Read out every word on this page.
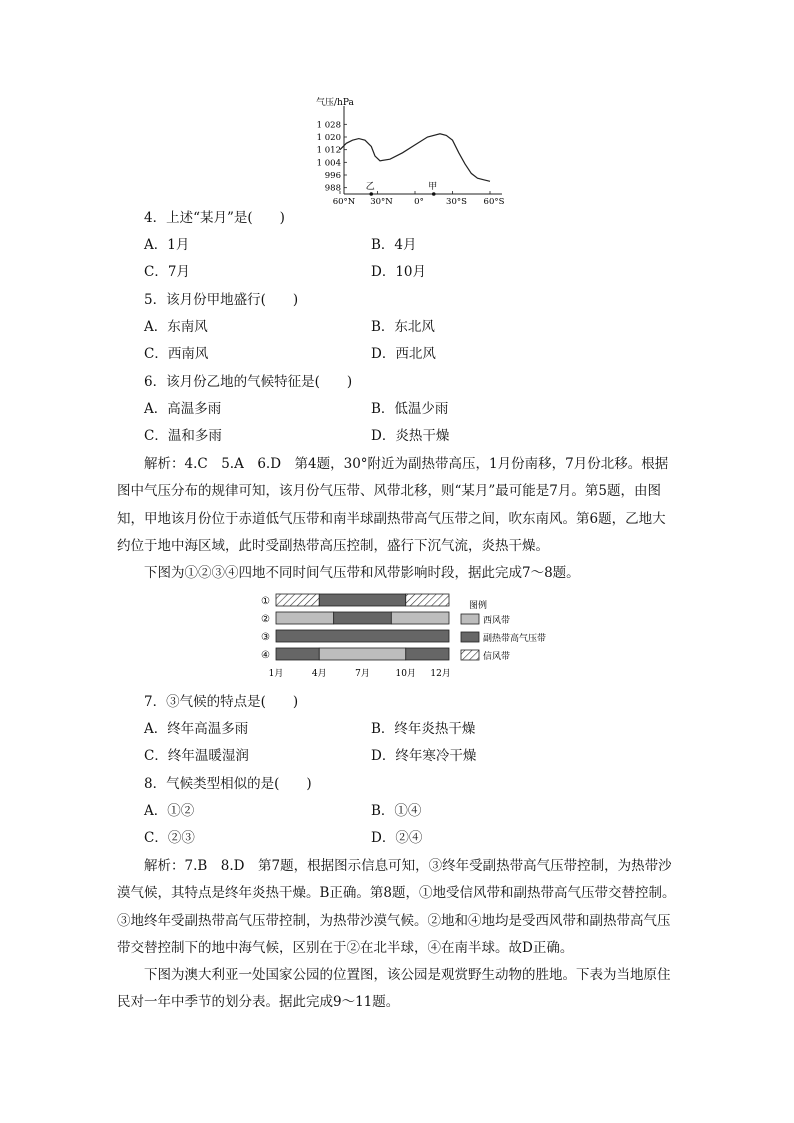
气压/hPa
1 028
1 020
1 012
1 004
996
988
60°N 30°N	0°	30°S 60°S
乙	甲
4．上述“某月”是(　　)
A．1月	B．4月
C．7月	D．10月
5．该月份甲地盛行(　　)
A．东南风	B．东北风
C．西南风	D．西北风
6．该月份乙地的气候特征是(　　)
A．高温多雨	B．低温少雨
C．温和多雨	D．炎热干燥
解析：4.C　5.A　6.D　第4题，30°附近为副热带高压，1月份南移，7月份北移。根据图中气压分布的规律可知，该月份气压带、风带北移，则“某月”最可能是7月。第5题，由图知，甲地该月份位于赤道低气压带和南半球副热带高气压带之间，吹东南风。第6题，乙地大约位于地中海区域，此时受副热带高压控制，盛行下沉气流，炎热干燥。
下图为①②③④四地不同时间气压带和风带影响时段，据此完成7～8题。
①
②
③
④
1月	4月	7月	10月 12月
图例
西风带
副热带高气压带
信风带
7．③气候的特点是(　　)
A．终年高温多雨	B．终年炎热干燥
C．终年温暖湿润	D．终年寒冷干燥
8．气候类型相似的是(　　)
A．①②	B．①④
C．②③	D．②④
解析：7.B　8.D　第7题，根据图示信息可知，③终年受副热带高气压带控制，为热带沙漠气候，其特点是终年炎热干燥。B正确。第8题，①地受信风带和副热带高气压带交替控制。③地终年受副热带高气压带控制，为热带沙漠气候。②地和④地均是受西风带和副热带高气压带交替控制下的地中海气候，区别在于②在北半球，④在南半球。故D正确。
下图为澳大利亚一处国家公园的位置图，该公园是观赏野生动物的胜地。下表为当地原住民对一年中季节的划分表。据此完成9～11题。
